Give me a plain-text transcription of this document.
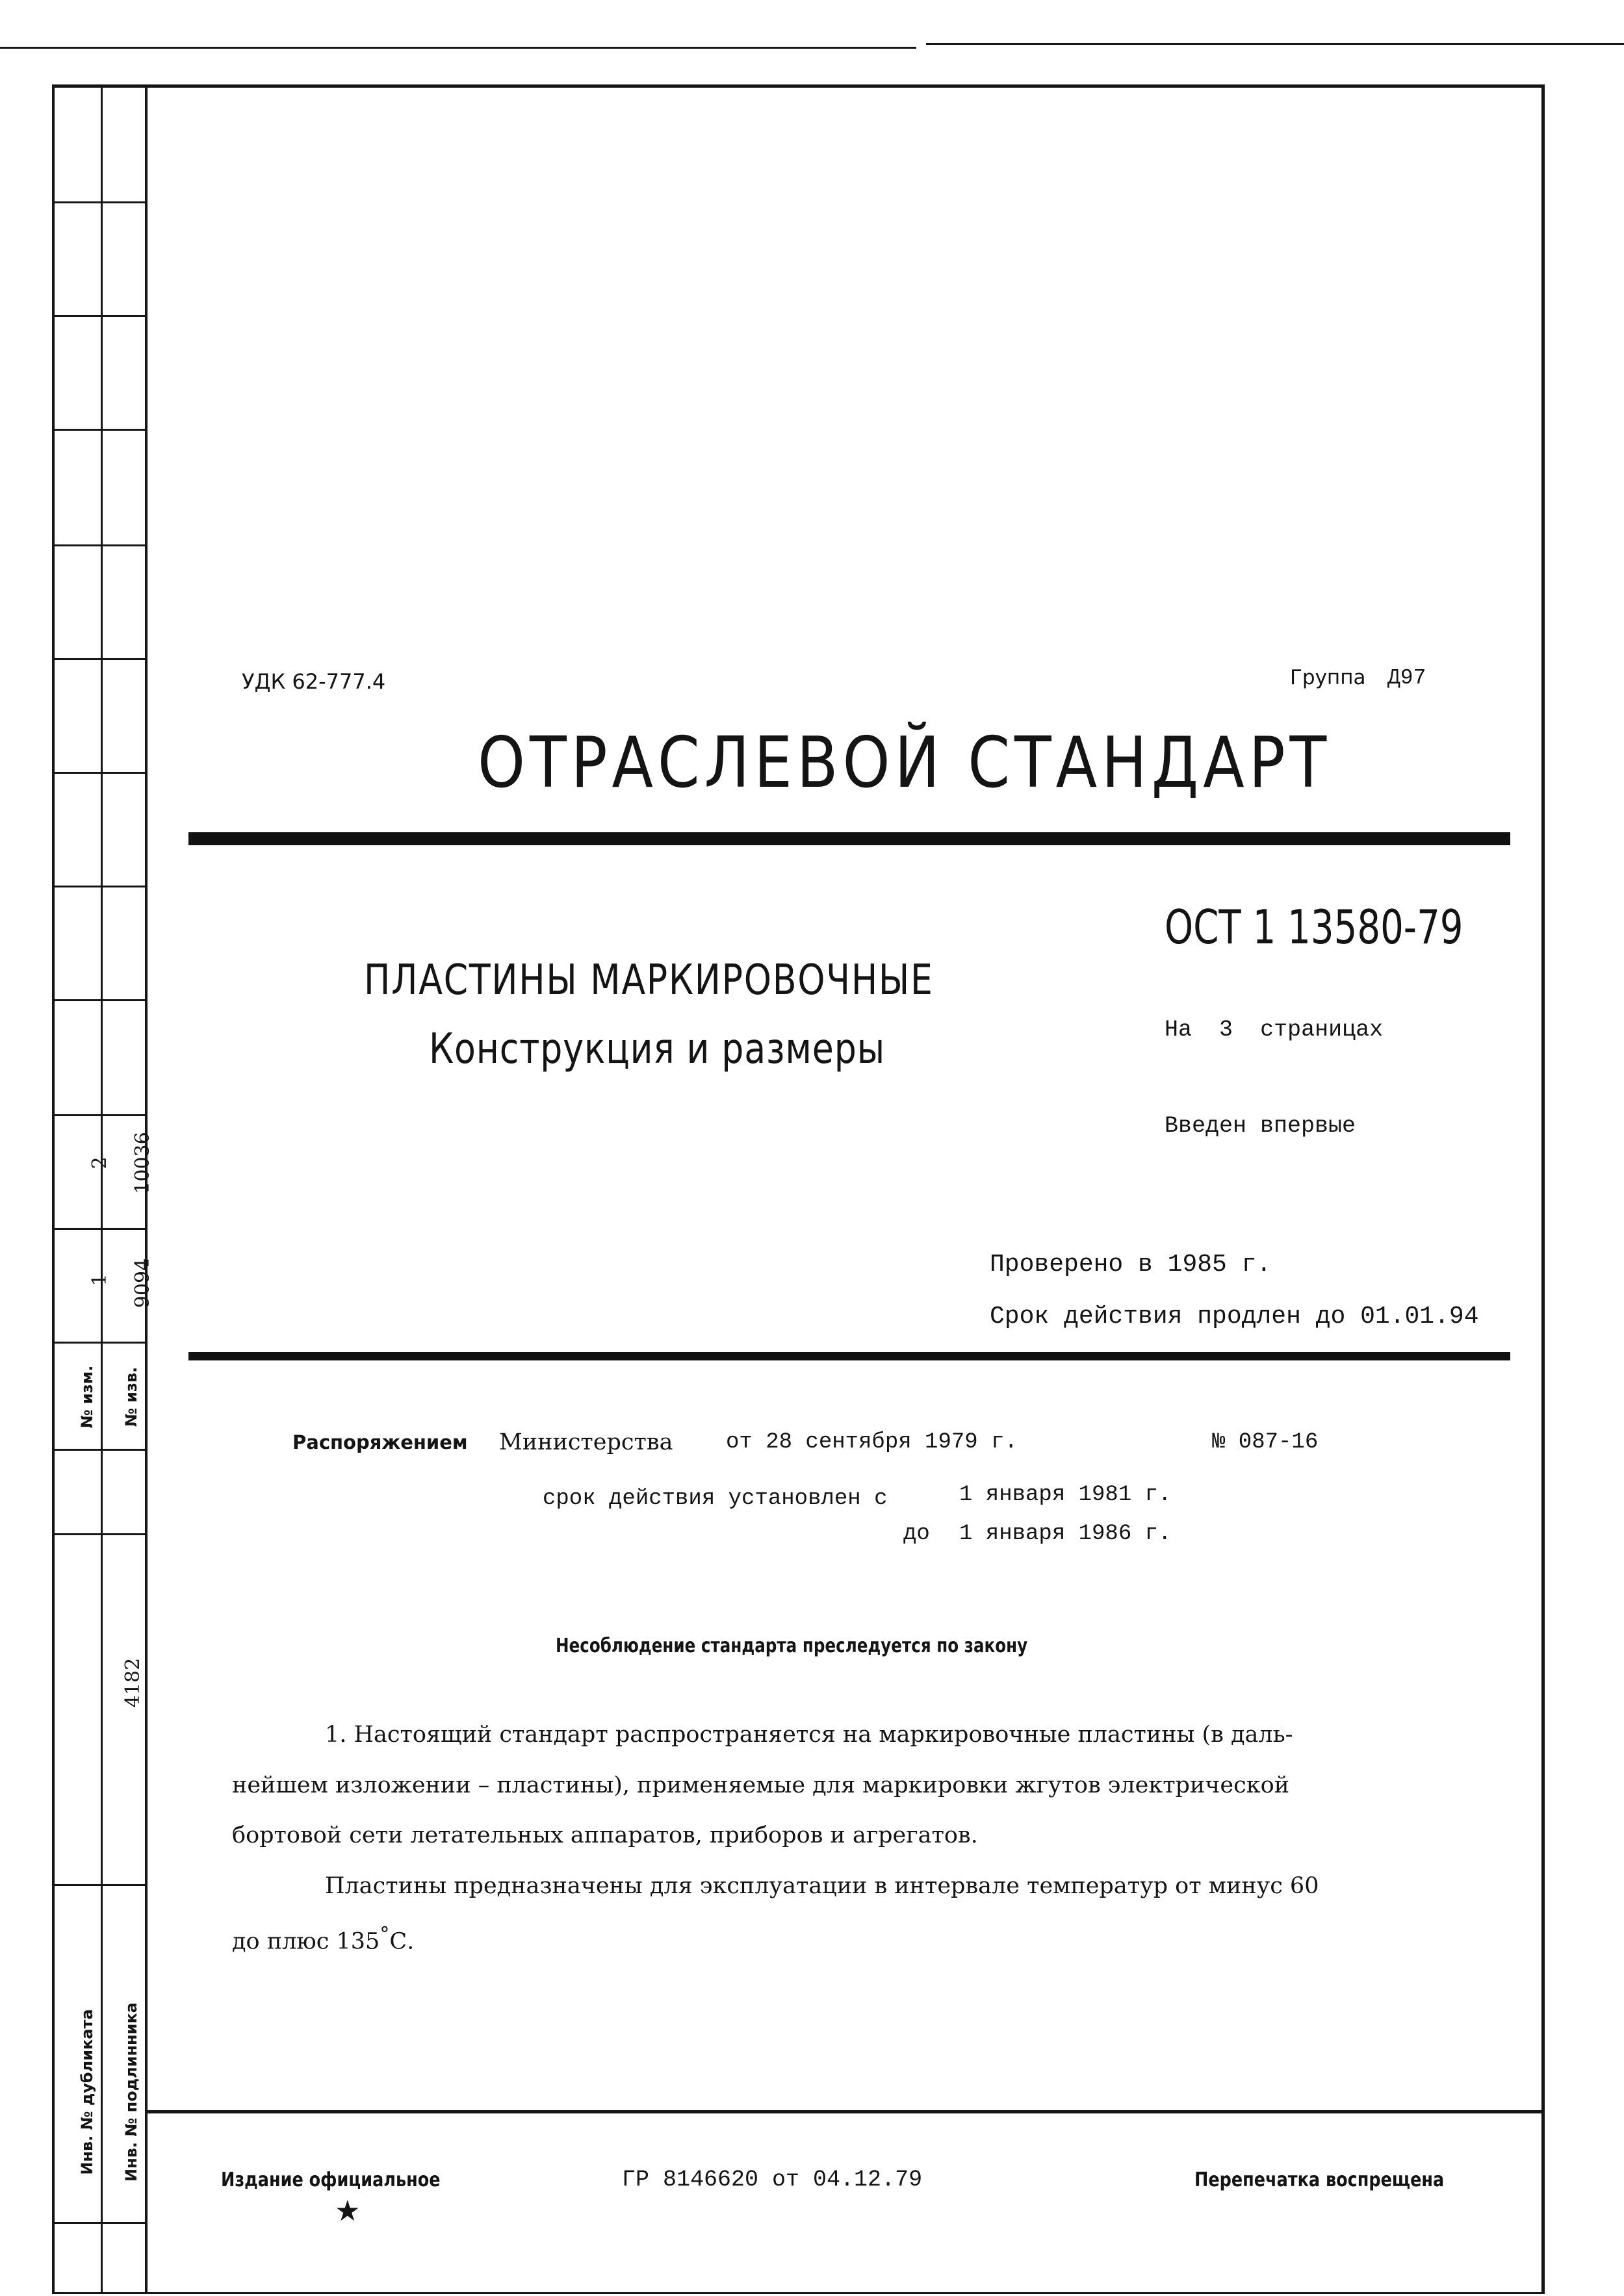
2 10036
1 9094
№ изм. № изв.
4182
Инв. № дубликата Инв. № подлинника
УДК 62-777.4	Группа Д97
ОТРАСЛЕВОЙ СТАНДАРТ
ПЛАСТИНЫ МАРКИРОВОЧНЫЕ
Конструкция и размеры
ОСТ 1 13580-79
На 3 страницах
Введен впервые
Проверено в 1985 г.
Срок действия продлен до 01.01.94
Распоряжением Министерства от 28 сентября 1979 г.	№ 087-16
срок действия установлен с	1 января 1981 г.
до 1 января 1986 г.
Несоблюдение стандарта преследуется по закону
1. Настоящий стандарт распространяется на маркировочные пластины (в даль-
нейшем изложении – пластины), применяемые для маркировки жгутов электрической
бортовой сети летательных аппаратов, приборов и агрегатов.
Пластины предназначены для эксплуатации в интервале температур от минус 60
до плюс 135°С.
Издание официальное
★
ГР 8146620 от 04.12.79	Перепечатка воспрещена
